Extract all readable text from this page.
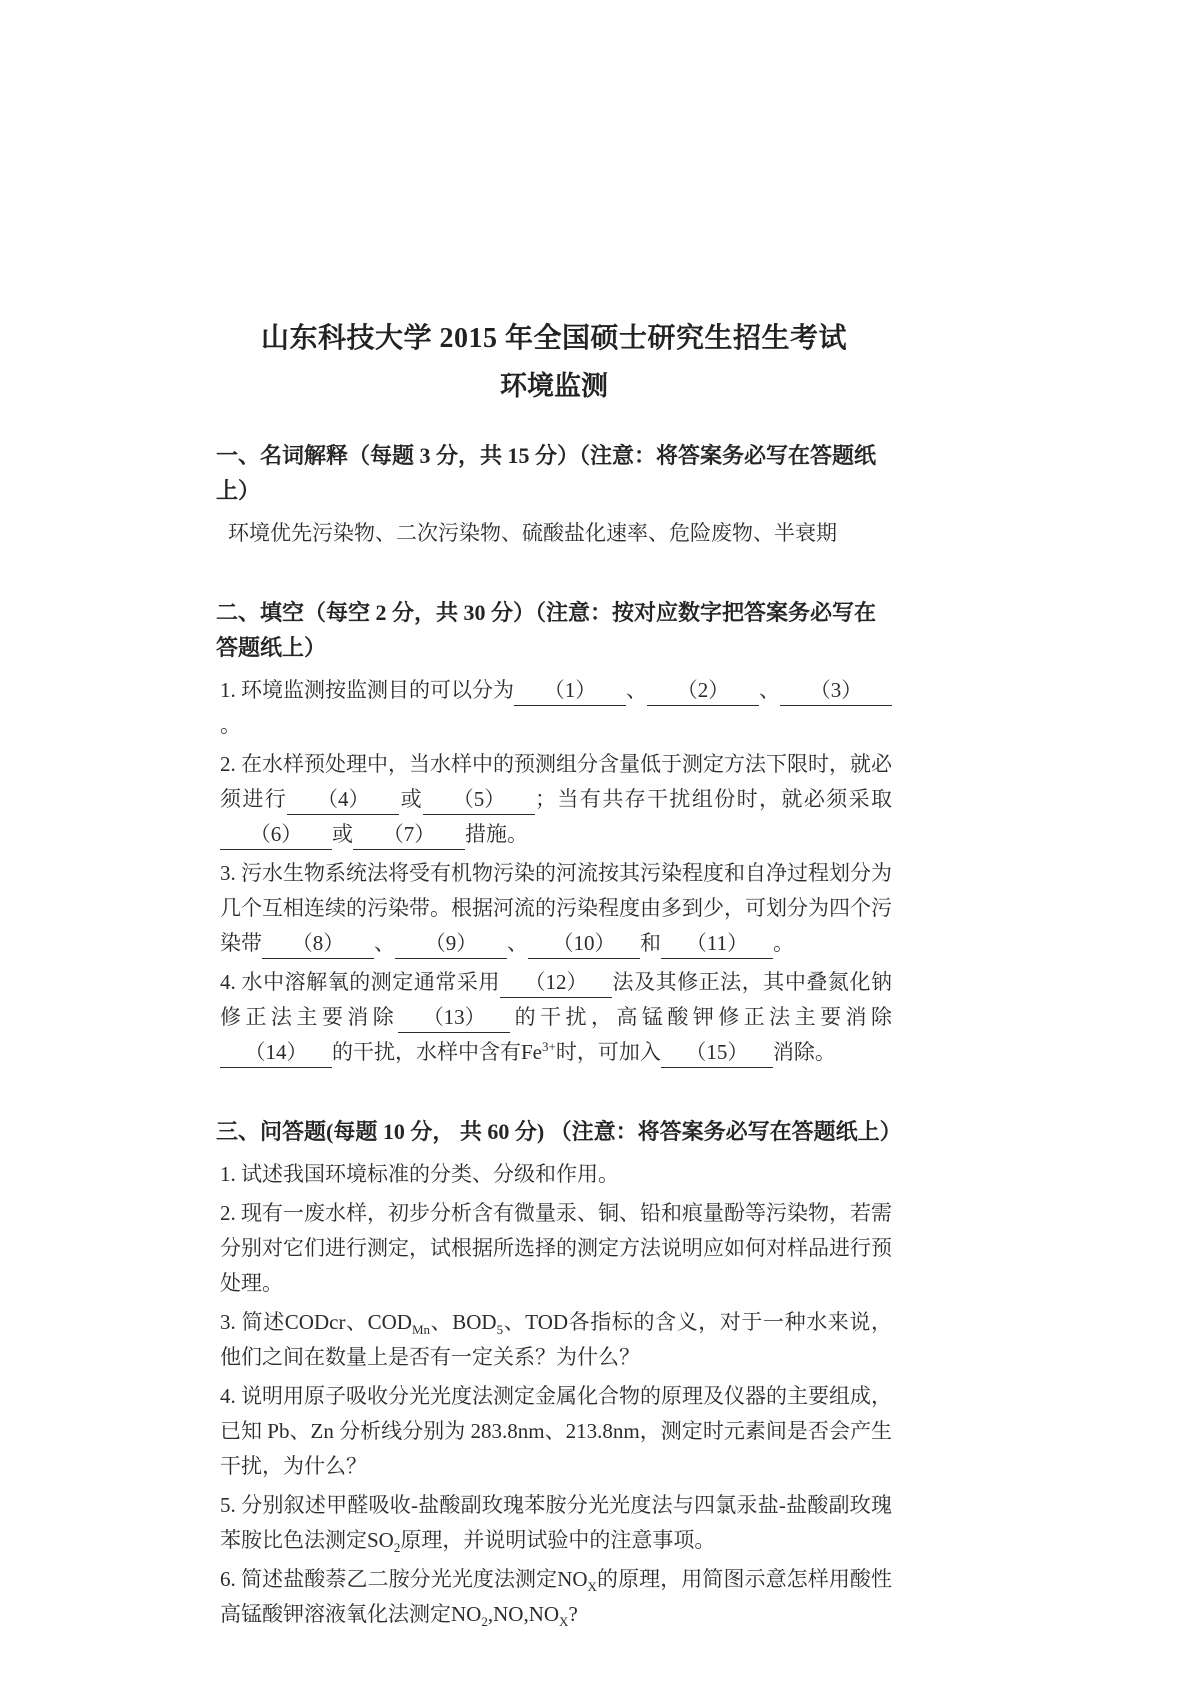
山东科技大学 2015 年全国硕士研究生招生考试
环境监测

一、名词解释（每题 3 分，共 15 分）（注意：将答案务必写在答题纸上）

环境优先污染物、二次污染物、硫酸盐化速率、危险废物、半衰期

二、填空（每空 2 分，共 30 分）（注意：按对应数字把答案务必写在答题纸上）

1. 环境监测按监测目的可以分为 （1） 、 （2） 、 （3）。

2. 在水样预处理中，当水样中的预测组分含量低于测定方法下限时，就必须进行 （4） 或 （5） ；当有共存干扰组份时，就必须采取（6） 或 （7） 措施。

3. 污水生物系统法将受有机物污染的河流按其污染程度和自净过程划分为几个互相连续的污染带。根据河流的污染程度由多到少，可划分为四个污染带 （8） 、 （9） 、 （10） 和 （11） 。

4. 水中溶解氧的测定通常采用 （12） 法及其修正法，其中叠氮化钠修正法主要消除 （13） 的干扰，高锰酸钾修正法主要消除（14） 的干扰，水样中含有$Fe^{3+}$时，可加入 （15） 消除。

三、问答题(每题 10 分， 共 60 分) （注意：将答案务必写在答题纸上）

1. 试述我国环境标准的分类、分级和作用。

2. 现有一废水样，初步分析含有微量汞、铜、铅和痕量酚等污染物，若需分别对它们进行测定，试根据所选择的测定方法说明应如何对样品进行预处理。

3. 简述CODcr、$COD_{Mn}$、$BOD_5$、TOD各指标的含义，对于一种水来说，他们之间在数量上是否有一定关系？为什么？

4. 说明用原子吸收分光光度法测定金属化合物的原理及仪器的主要组成，已知 Pb、Zn 分析线分别为 283.8nm、213.8nm，测定时元素间是否会产生干扰，为什么？

5. 分别叙述甲醛吸收-盐酸副玫瑰苯胺分光光度法与四氯汞盐-盐酸副玫瑰苯胺比色法测定$SO_2$原理，并说明试验中的注意事项。

6. 简述盐酸萘乙二胺分光光度法测定$NO_X$的原理，用简图示意怎样用酸性高锰酸钾溶液氧化法测定$NO_2,NO,NO_X$?
